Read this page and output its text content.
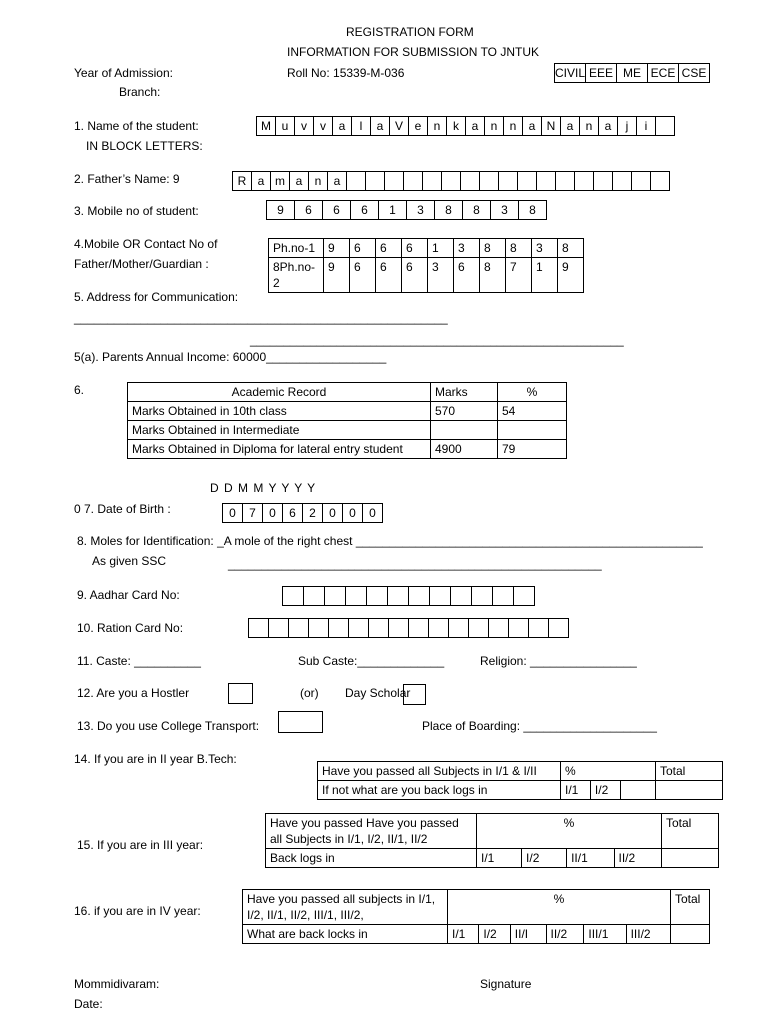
REGISTRATION FORM
INFORMATION FOR SUBMISSION TO JNTUK
Year of Admission:
Branch:
Roll No: 15339-M-036	CIVIL EEE ME ECE CSE
1. Name of the student:
IN BLOCK LETTERS:
M u	v	v	a	l	a V e	n	k	a	n	n	a N a	n	a	j	i
2. Father’s Name: 9	R a m a	n	a
3. Mobile no of student:	9	6	6	6	1	3	8	8	3	8
4.Mobile OR Contact No of
Father/Mother/Guardian :
Ph.no-1	9	6	6	6	1	3	8	8	3	8
8Ph.no-2	9	6	6	6	3	6	8	7	1	9
5. Address for Communication:
________________________________________________________
________________________________________________________
5(a). Parents Annual Income: 60000__________________
6.	Academic Record	Marks	%
Marks Obtained in 10th class	570	54
Marks Obtained in Intermediate		
Marks Obtained in Diploma for lateral entry student	4900	79
D D M M Y Y Y Y
0 7. Date of Birth :	0	7	0	6	2	0	0	0
8. Moles for Identification: _A mole of the right chest ____________________________________________________
As given SSC	________________________________________________________
9. Aadhar Card No:
10. Ration Card No:
11. Caste: __________	Sub Caste:_____________	Religion: ________________
12. Are you a Hostler	(or) Day Scholar
13. Do you use College Transport:	Place of Boarding: ____________________
14. If you are in II year B.Tech:
Have you passed all Subjects in I/1 & I/II	%			Total
If not what are you back logs in	I/1	I/2		
15. If you are in III year:
Have you passed Have you passed all Subjects in I/1, I/2, II/1, II/2	%				Total
Back logs in	I/1	I/2	II/1	II/2	
16. if you are in IV year:
Have you passed all subjects in I/1, I/2, II/1, II/2, III/1, III/2,	%						Total
What are back locks in	I/1	I/2	II/I	II/2	III/1	III/2	
Mommidivaram:
Date:
Signature
